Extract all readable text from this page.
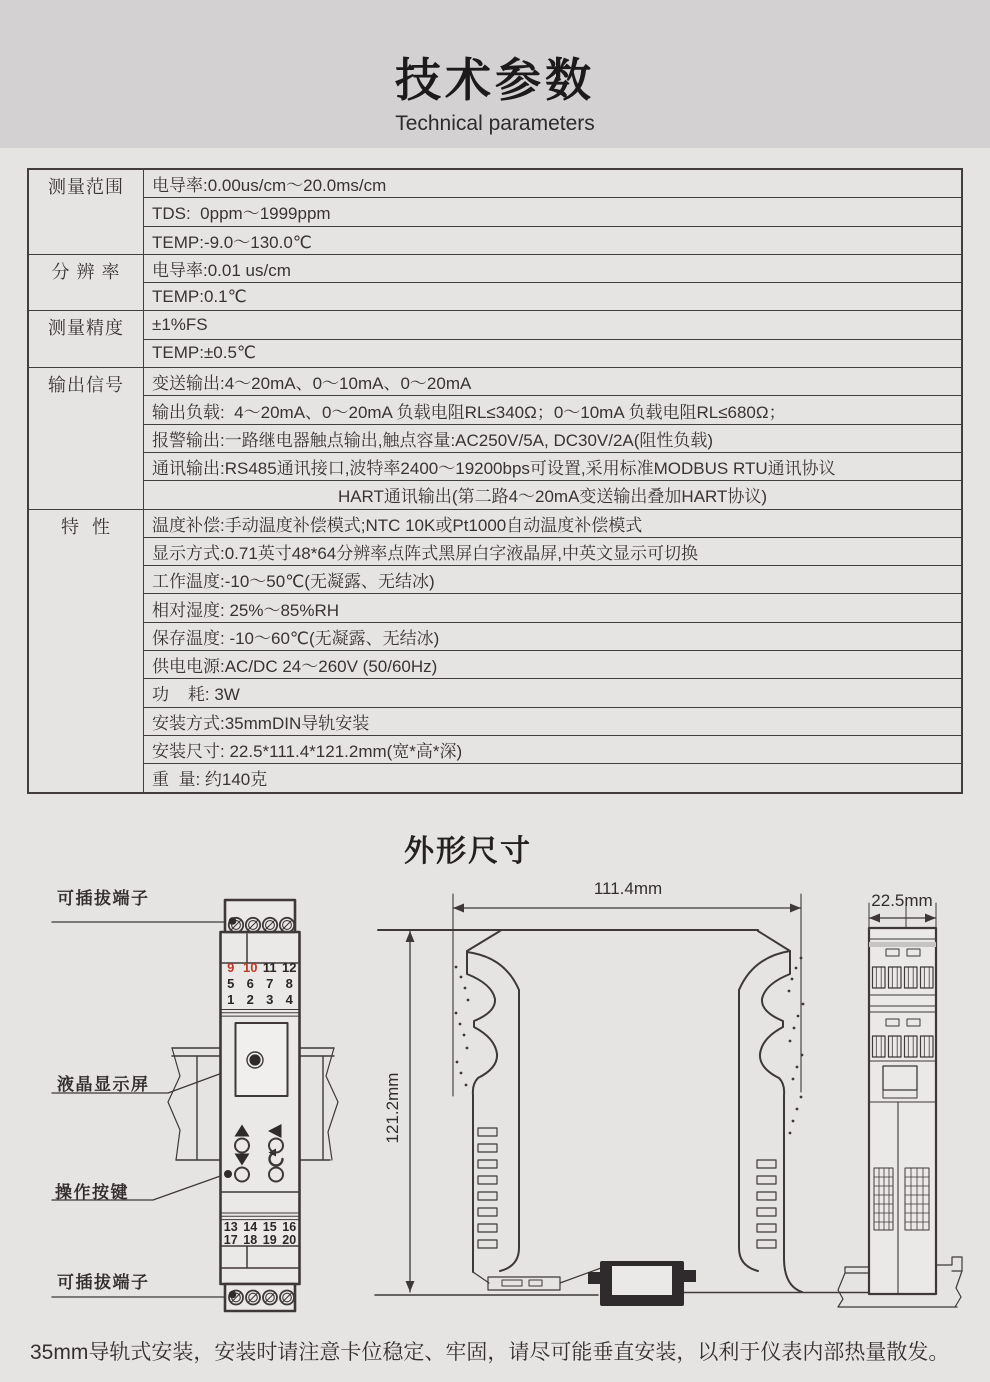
技术参数
Technical parameters
测量范围	电导率:0.00us/cm～20.0ms/cm
	TDS:  0ppm～1999ppm
	TEMP:-9.0～130.0℃
分 辨 率	电导率:0.01 us/cm
	TEMP:0.1℃
测量精度	±1%FS
	TEMP:±0.5℃
输出信号	变送输出:4～20mA、0～10mA、0～20mA
	输出负载:  4～20mA、0～20mA 负载电阻RL≤340Ω；0～10mA 负载电阻RL≤680Ω；
	报警输出:一路继电器触点输出,触点容量:AC250V/5A, DC30V/2A(阻性负载)
	通讯输出:RS485通讯接口,波特率2400～19200bps可设置,采用标准MODBUS RTU通讯协议
	HART通讯输出(第二路4～20mA变送输出叠加HART协议)
特  性	温度补偿:手动温度补偿模式;NTC 10K或Pt1000自动温度补偿模式
	显示方式:0.71英寸48*64分辨率点阵式黑屏白字液晶屏,中英文显示可切换
	工作温度:-10～50℃(无凝露、无结冰)
	相对湿度: 25%～85%RH
	保存温度: -10～60℃(无凝露、无结冰)
	供电电源:AC/DC 24～260V (50/60Hz)
	功    耗: 3W
	安装方式:35mmDIN导轨安装
	安装尺寸: 22.5*111.4*121.2mm(宽*高*深)
	重  量: 约140克
外形尺寸
可插拔端子
液晶显示屏
操作按键
可插拔端子
111.4mm
22.5mm
121.2mm
9 10 11 12
5 6 7 8
1 2 3 4
13 14 15 16
17 18 19 20
35mm导轨式安装，安装时请注意卡位稳定、牢固，请尽可能垂直安装，以利于仪表内部热量散发。
